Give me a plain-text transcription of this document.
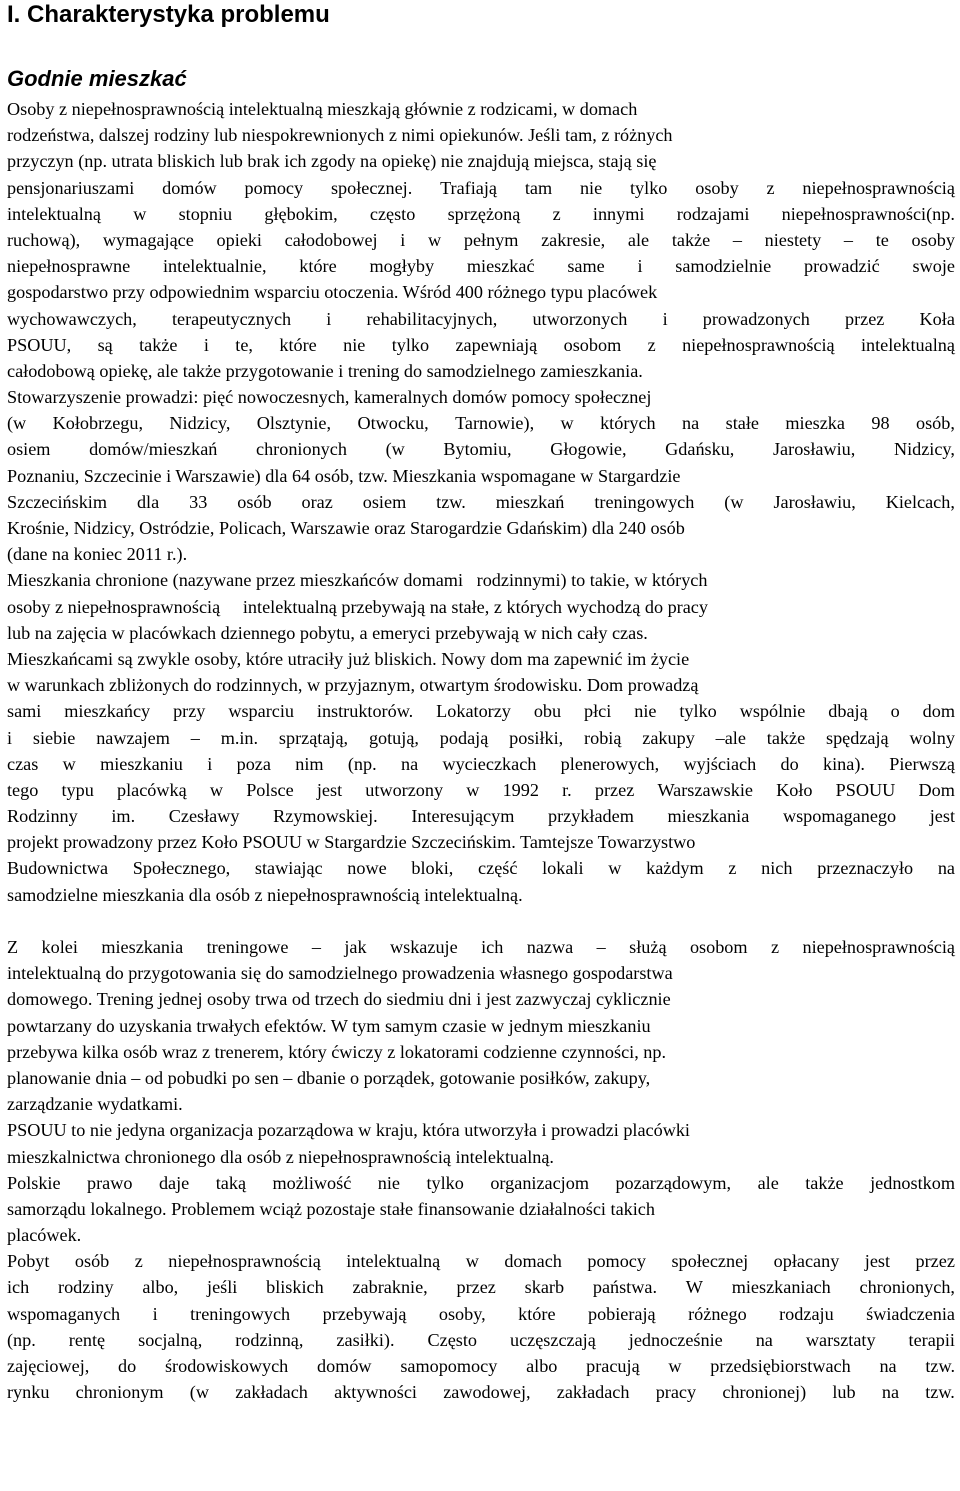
I. Charakterystyka problemu
Godnie mieszkać
Osoby z niepełnosprawnością intelektualną mieszkają głównie z rodzicami, w domach
rodzeństwa, dalszej rodziny lub niespokrewnionych z nimi opiekunów. Jeśli tam, z różnych
przyczyn (np. utrata bliskich lub brak ich zgody na opiekę) nie znajdują miejsca, stają się
pensjonariuszami domów pomocy społecznej. Trafiają tam nie tylko osoby z niepełnosprawnością
intelektualną w stopniu głębokim, często sprzężoną z innymi rodzajami niepełnosprawności(np.
ruchową), wymagające opieki całodobowej i w pełnym zakresie, ale także – niestety – te osoby
niepełnosprawne intelektualnie, które mogłyby mieszkać same i samodzielnie prowadzić swoje
gospodarstwo przy odpowiednim wsparciu otoczenia. Wśród 400 różnego typu placówek
wychowawczych, terapeutycznych i rehabilitacyjnych, utworzonych i prowadzonych przez Koła
PSOUU, są także i te, które nie tylko zapewniają osobom z niepełnosprawnością intelektualną
całodobową opiekę, ale także przygotowanie i trening do samodzielnego zamieszkania.
Stowarzyszenie prowadzi: pięć nowoczesnych, kameralnych domów pomocy społecznej
(w Kołobrzegu, Nidzicy, Olsztynie, Otwocku, Tarnowie), w których na stałe mieszka 98 osób,
osiem domów/mieszkań chronionych (w Bytomiu, Głogowie, Gdańsku, Jarosławiu, Nidzicy,
Poznaniu, Szczecinie i Warszawie) dla 64 osób, tzw. Mieszkania wspomagane w Stargardzie
Szczecińskim dla 33 osób oraz osiem tzw. mieszkań treningowych (w Jarosławiu, Kielcach,
Krośnie, Nidzicy, Ostródzie, Policach, Warszawie oraz Starogardzie Gdańskim) dla 240 osób
(dane na koniec 2011 r.).
Mieszkania chronione (nazywane przez mieszkańców domami   rodzinnymi) to takie, w których
osoby z niepełnosprawnością     intelektualną przebywają na stałe, z których wychodzą do pracy
lub na zajęcia w placówkach dziennego pobytu, a emeryci przebywają w nich cały czas.
Mieszkańcami są zwykle osoby, które utraciły już bliskich. Nowy dom ma zapewnić im życie
w warunkach zbliżonych do rodzinnych, w przyjaznym, otwartym środowisku. Dom prowadzą
sami mieszkańcy przy wsparciu instruktorów. Lokatorzy obu płci nie tylko wspólnie dbają o dom
i siebie nawzajem – m.in. sprzątają, gotują, podają posiłki, robią zakupy –ale także spędzają wolny
czas w mieszkaniu i poza nim (np. na wycieczkach plenerowych, wyjściach do kina). Pierwszą
tego typu placówką w Polsce jest utworzony w 1992 r. przez Warszawskie Koło PSOUU Dom
Rodzinny im. Czesławy Rzymowskiej. Interesującym przykładem mieszkania wspomaganego jest
projekt prowadzony przez Koło PSOUU w Stargardzie Szczecińskim. Tamtejsze Towarzystwo
Budownictwa Społecznego, stawiając nowe bloki, część lokali w każdym z nich przeznaczyło na
samodzielne mieszkania dla osób z niepełnosprawnością intelektualną.
Z kolei mieszkania treningowe – jak wskazuje ich nazwa – służą osobom z niepełnosprawnością
intelektualną do przygotowania się do samodzielnego prowadzenia własnego gospodarstwa
domowego. Trening jednej osoby trwa od trzech do siedmiu dni i jest zazwyczaj cyklicznie
powtarzany do uzyskania trwałych efektów. W tym samym czasie w jednym mieszkaniu
przebywa kilka osób wraz z trenerem, który ćwiczy z lokatorami codzienne czynności, np.
planowanie dnia – od pobudki po sen – dbanie o porządek, gotowanie posiłków, zakupy,
zarządzanie wydatkami.
PSOUU to nie jedyna organizacja pozarządowa w kraju, która utworzyła i prowadzi placówki
mieszkalnictwa chronionego dla osób z niepełnosprawnością intelektualną.
Polskie prawo daje taką możliwość nie tylko organizacjom pozarządowym, ale także jednostkom
samorządu lokalnego. Problemem wciąż pozostaje stałe finansowanie działalności takich
placówek.
Pobyt osób z niepełnosprawnością intelektualną w domach pomocy społecznej opłacany jest przez
ich rodziny albo, jeśli bliskich zabraknie, przez skarb państwa. W mieszkaniach chronionych,
wspomaganych i treningowych przebywają osoby, które pobierają różnego rodzaju świadczenia
(np. rentę socjalną, rodzinną, zasiłki). Często uczęszczają jednocześnie na warsztaty terapii
zajęciowej, do środowiskowych domów samopomocy albo pracują w przedsiębiorstwach na tzw.
rynku chronionym (w zakładach aktywności zawodowej, zakładach pracy chronionej) lub na tzw.
